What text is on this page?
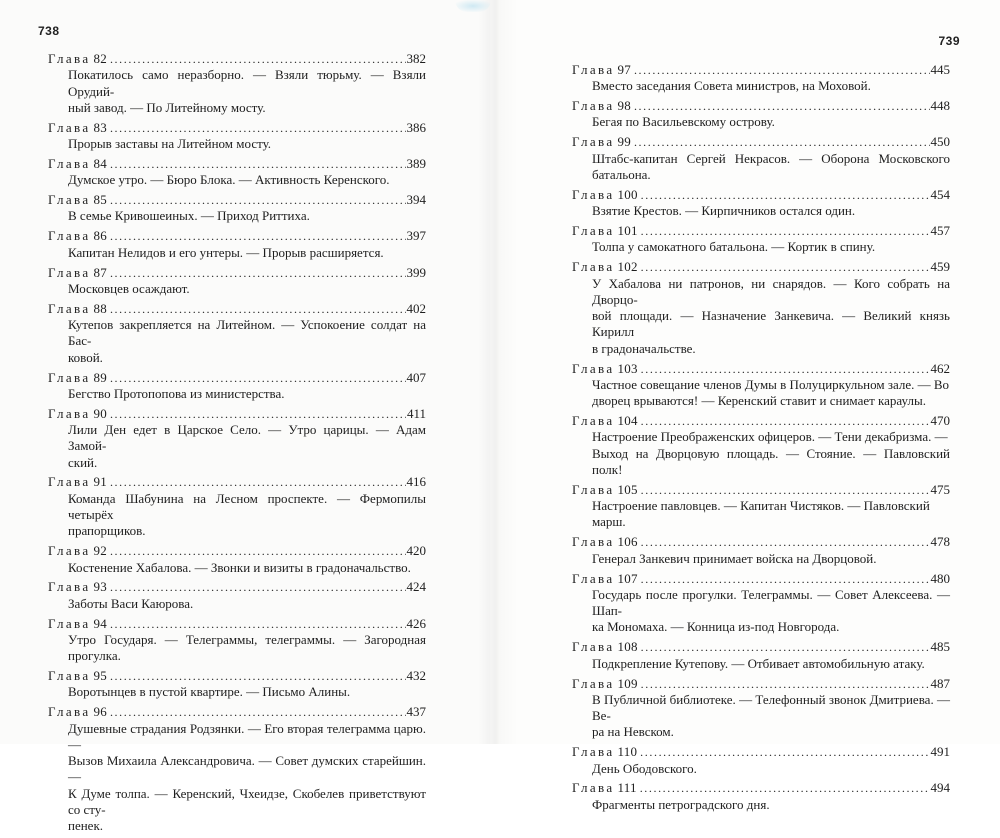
738
Глава 82 .....	382
Покатилось само неразборно. — Взяли тюрьму. — Взяли Орудий-
ный завод. — По Литейному мосту.
Глава 83 .....	386
Прорыв заставы на Литейном мосту.
Глава 84 .....	389
Думское утро. — Бюро Блока. — Активность Керенского.
Глава 85 .....	394
В семье Кривошеиных. — Приход Риттиха.
Глава 86 .....	397
Капитан Нелидов и его унтеры. — Прорыв расширяется.
Глава 87 .....	399
Московцев осаждают.
Глава 88 .....	402
Кутепов закрепляется на Литейном. — Успокоение солдат на Бас-
ковой.
Глава 89 .....	407
Бегство Протопопова из министерства.
Глава 90 .....	411
Лили Ден едет в Царское Село. — Утро царицы. — Адам Замой-
ский.
Глава 91 .....	416
Команда Шабунина на Лесном проспекте. — Фермопилы четырёх
прапорщиков.
Глава 92 .....	420
Костенение Хабалова. — Звонки и визиты в градоначальство.
Глава 93 .....	424
Заботы Васи Каюрова.
Глава 94 .....	426
Утро Государя. — Телеграммы, телеграммы. — Загородная прогулка.
Глава 95 .....	432
Воротынцев в пустой квартире. — Письмо Алины.
Глава 96 .....	437
Душевные страдания Родзянки. — Его вторая телеграмма царю. —
Вызов Михаила Александровича. — Совет думских старейшин. —
К Думе толпа. — Керенский, Чхеидзе, Скобелев приветствуют со сту-
пенек.
739
Глава 97 .....	445
Вместо заседания Совета министров, на Моховой.
Глава 98 .....	448
Бегая по Васильевскому острову.
Глава 99 .....	450
Штабс-капитан Сергей Некрасов. — Оборона Московского батальона.
Глава 100 .....	454
Взятие Крестов. — Кирпичников остался один.
Глава 101 .....	457
Толпа у самокатного батальона. — Кортик в спину.
Глава 102 .....	459
У Хабалова ни патронов, ни снарядов. — Кого собрать на Дворцо-
вой площади. — Назначение Занкевича. — Великий князь Кирилл
в градоначальстве.
Глава 103 .....	462
Частное совещание членов Думы в Полуциркульном зале. — Во
дворец врываются! — Керенский ставит и снимает караулы.
Глава 104 .....	470
Настроение Преображенских офицеров. — Тени декабризма. —
Выход на Дворцовую площадь. — Стояние. — Павловский полк!
Глава 105 .....	475
Настроение павловцев. — Капитан Чистяков. — Павловский
марш.
Глава 106 .....	478
Генерал Занкевич принимает войска на Дворцовой.
Глава 107 .....	480
Государь после прогулки. Телеграммы. — Совет Алексеева. — Шап-
ка Мономаха. — Конница из-под Новгорода.
Глава 108 .....	485
Подкрепление Кутепову. — Отбивает автомобильную атаку.
Глава 109 .....	487
В Публичной библиотеке. — Телефонный звонок Дмитриева. — Ве-
ра на Невском.
Глава 110 .....	491
День Ободовского.
Глава 111 .....	494
Фрагменты петроградского дня.
